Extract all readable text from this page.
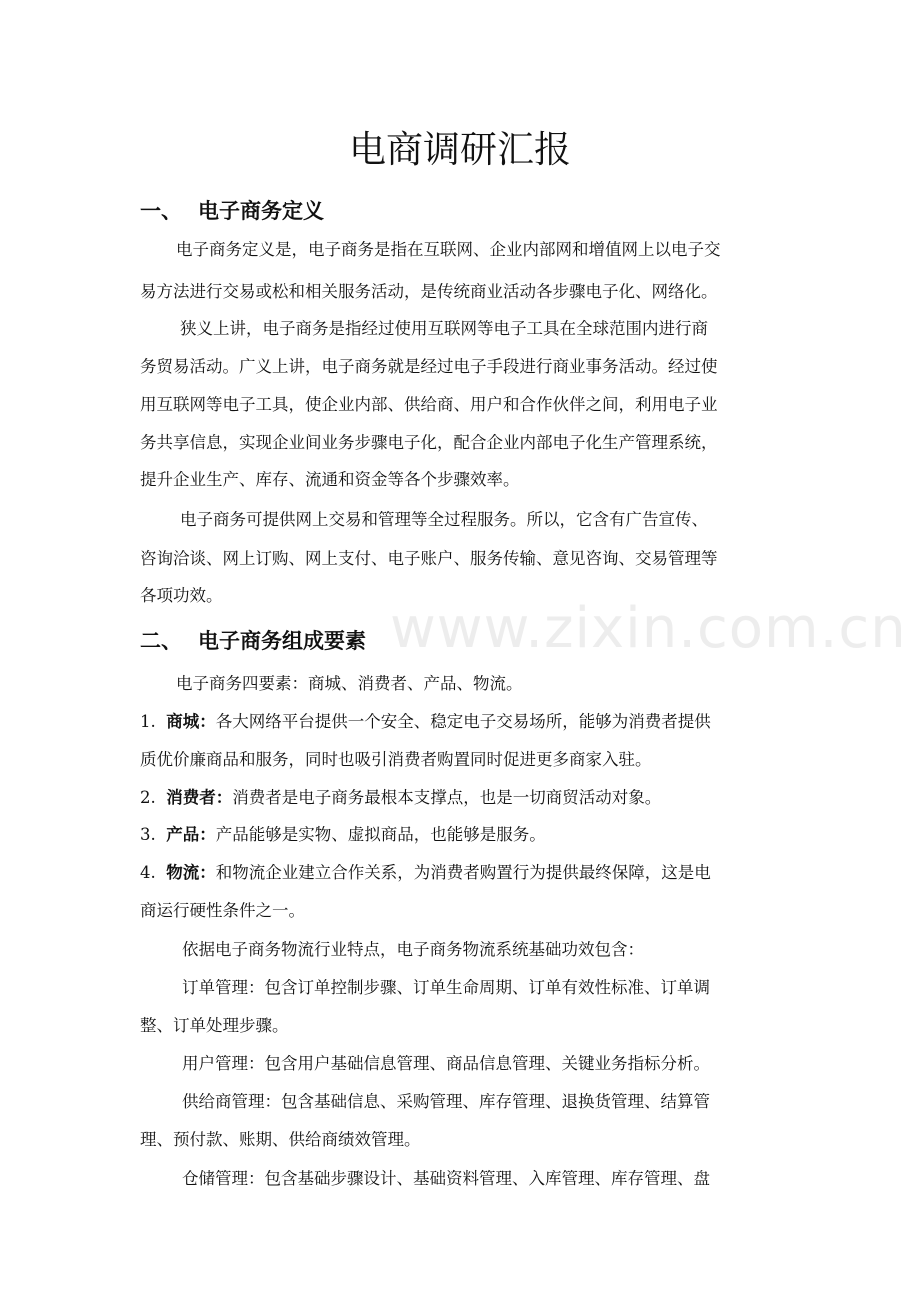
www.zixin.com.cn
电商调研汇报
一、 电子商务定义
电子商务定义是，电子商务是指在互联网、企业内部网和增值网上以电子交
易方法进行交易或松和相关服务活动，是传统商业活动各步骤电子化、网络化。
狭义上讲，电子商务是指经过使用互联网等电子工具在全球范围内进行商
务贸易活动。广义上讲，电子商务就是经过电子手段进行商业事务活动。经过使
用互联网等电子工具，使企业内部、供给商、用户和合作伙伴之间，利用电子业
务共享信息，实现企业间业务步骤电子化，配合企业内部电子化生产管理系统，
提升企业生产、库存、流通和资金等各个步骤效率。
电子商务可提供网上交易和管理等全过程服务。所以，它含有广告宣传、
咨询洽谈、网上订购、网上支付、电子账户、服务传输、意见咨询、交易管理等
各项功效。
二、 电子商务组成要素
电子商务四要素：商城、消费者、产品、物流。
1. 商城：各大网络平台提供一个安全、稳定电子交易场所，能够为消费者提供
质优价廉商品和服务，同时也吸引消费者购置同时促进更多商家入驻。
2. 消费者：消费者是电子商务最根本支撑点，也是一切商贸活动对象。
3. 产品：产品能够是实物、虚拟商品，也能够是服务。
4. 物流：和物流企业建立合作关系，为消费者购置行为提供最终保障，这是电
商运行硬性条件之一。
依据电子商务物流行业特点，电子商务物流系统基础功效包含：
订单管理：包含订单控制步骤、订单生命周期、订单有效性标准、订单调
整、订单处理步骤。
用户管理：包含用户基础信息管理、商品信息管理、关键业务指标分析。
供给商管理：包含基础信息、采购管理、库存管理、退换货管理、结算管
理、预付款、账期、供给商绩效管理。
仓储管理：包含基础步骤设计、基础资料管理、入库管理、库存管理、盘
